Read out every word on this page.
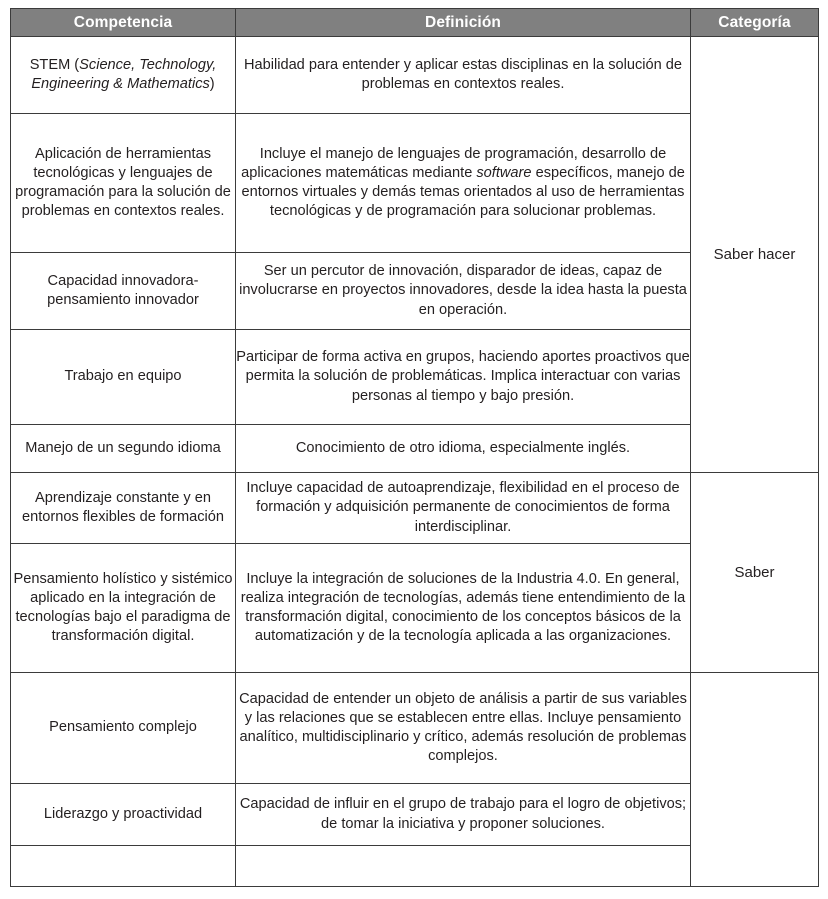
Competencia	Definición	Categoría
STEM (Science, Technology, Engineering & Mathematics)	Habilidad para entender y aplicar estas disciplinas en la solución de problemas en contextos reales.	Saber hacer
Aplicación de herramientas tecnológicas y lenguajes de programación para la solución de problemas en contextos reales.	Incluye el manejo de lenguajes de programación, desarrollo de aplicaciones matemáticas mediante software específicos, manejo de entornos virtuales y demás temas orientados al uso de herramientas tecnológicas y de programación para solucionar problemas.	
Capacidad innovadora-pensamiento innovador	Ser un percutor de innovación, disparador de ideas, capaz de involucrarse en proyectos innovadores, desde la idea hasta la puesta en operación.	
Trabajo en equipo	Participar de forma activa en grupos, haciendo aportes proactivos que permita la solución de problemáticas. Implica interactuar con varias personas al tiempo y bajo presión.	
Manejo de un segundo idioma	Conocimiento de otro idioma, especialmente inglés.	
Aprendizaje constante y en entornos flexibles de formación	Incluye capacidad de autoaprendizaje, flexibilidad en el proceso de formación y adquisición permanente de conocimientos de forma interdisciplinar.	Saber
Pensamiento holístico y sistémico aplicado en la integración de tecnologías bajo el paradigma de transformación digital.	Incluye la integración de soluciones de la Industria 4.0. En general, realiza integración de tecnologías, además tiene entendimiento de la transformación digital, conocimiento de los conceptos básicos de la automatización y de la tecnología aplicada a las organizaciones.	
Pensamiento complejo	Capacidad de entender un objeto de análisis a partir de sus variables y las relaciones que se establecen entre ellas. Incluye pensamiento analítico, multidisciplinario y crítico, además resolución de problemas complejos.	
Liderazgo y proactividad	Capacidad de influir en el grupo de trabajo para el logro de objetivos; de tomar la iniciativa y proponer soluciones.	
